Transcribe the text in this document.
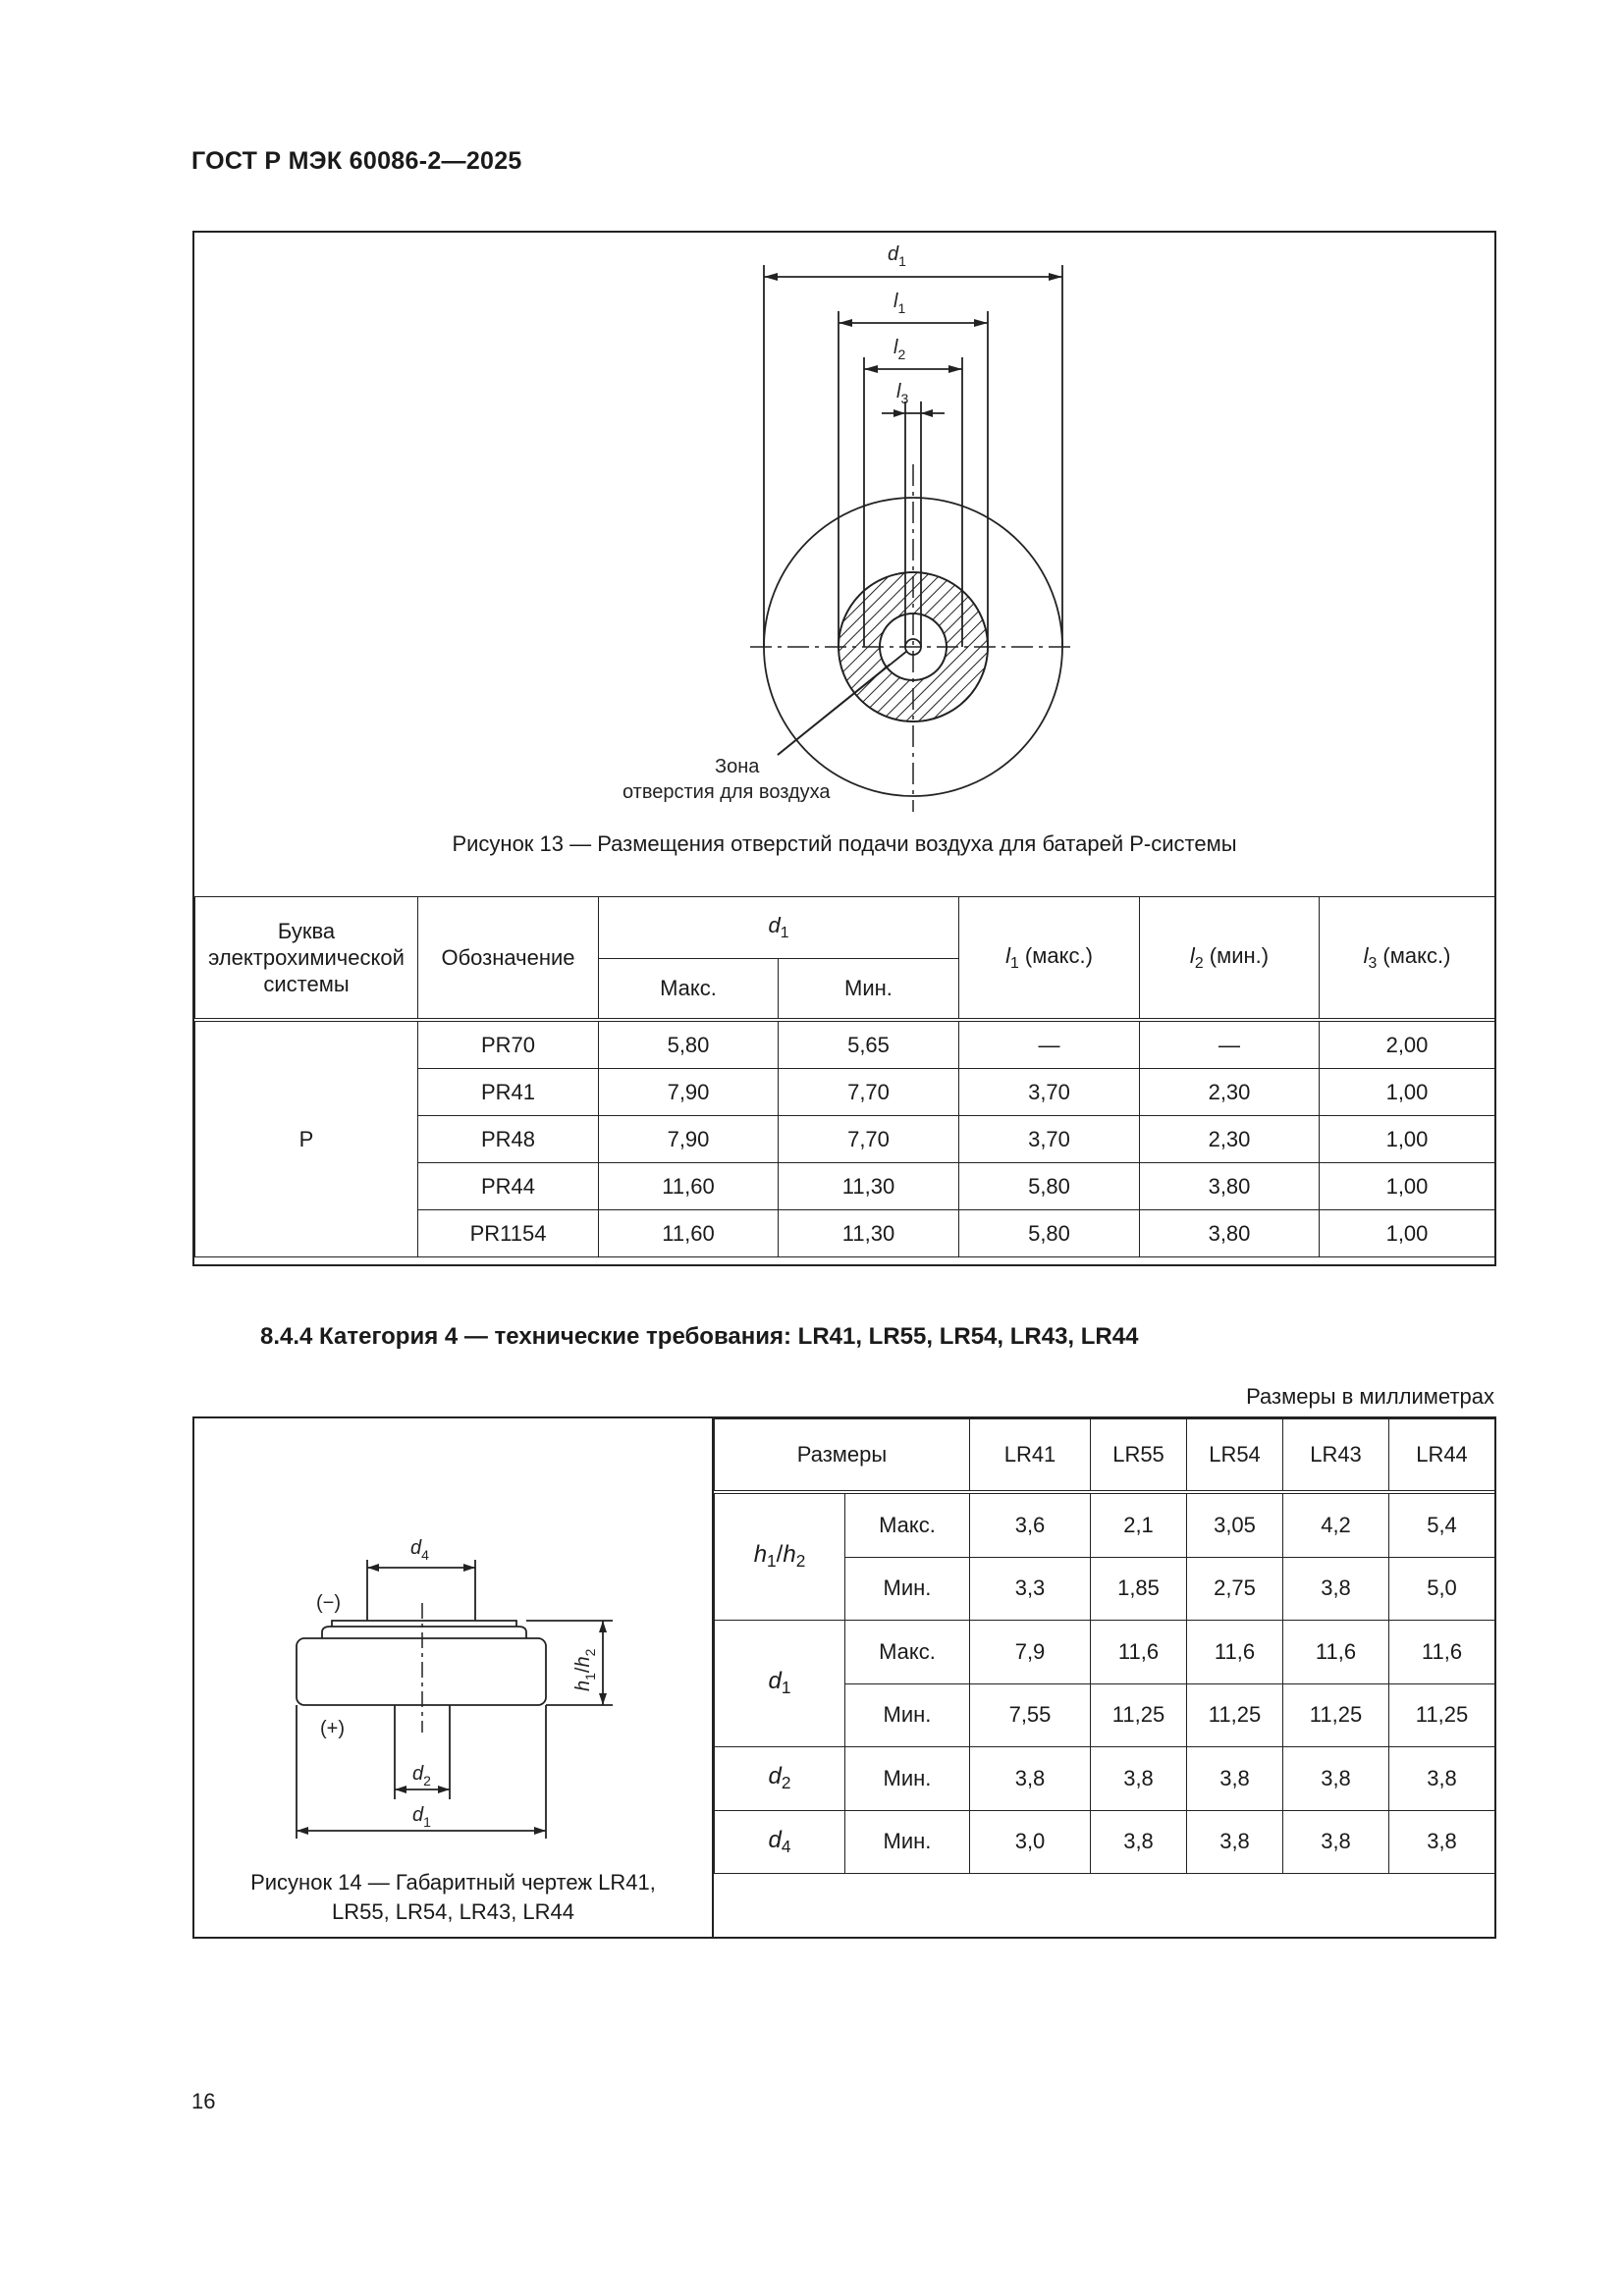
ГОСТ Р МЭК 60086-2—2025
$d_1$
$l_1$
$l_2$
$l_3$
Зона
отверстия для воздуха
Рисунок 13 — Размещения отверстий подачи воздуха для батарей P-системы
Буква электрохимической системы	Обозначение	$d_1$		$l_1$ (макс.)	$l_2$ (мин.)	$l_3$ (макс.)
		Макс.	Мин.			
P	PR70	5,80	5,65	—	—	2,00
	PR41	7,90	7,70	3,70	2,30	1,00
	PR48	7,90	7,70	3,70	2,30	1,00
	PR44	11,60	11,30	5,80	3,80	1,00
	PR1154	11,60	11,30	5,80	3,80	1,00
8.4.4 Категория 4 — технические требования: LR41, LR55, LR54, LR43, LR44
Размеры в миллиметрах
$d_4$
(−)
(+)
$d_2$
$d_1$
$h_1/h_2$
Рисунок 14 — Габаритный чертеж LR41,
LR55, LR54, LR43, LR44
Размеры		LR41	LR55	LR54	LR43	LR44
$h_1/h_2$	Макс.	3,6	2,1	3,05	4,2	5,4
	Мин.	3,3	1,85	2,75	3,8	5,0
$d_1$	Макс.	7,9	11,6	11,6	11,6	11,6
	Мин.	7,55	11,25	11,25	11,25	11,25
$d_2$	Мин.	3,8	3,8	3,8	3,8	3,8
$d_4$	Мин.	3,0	3,8	3,8	3,8	3,8
16
